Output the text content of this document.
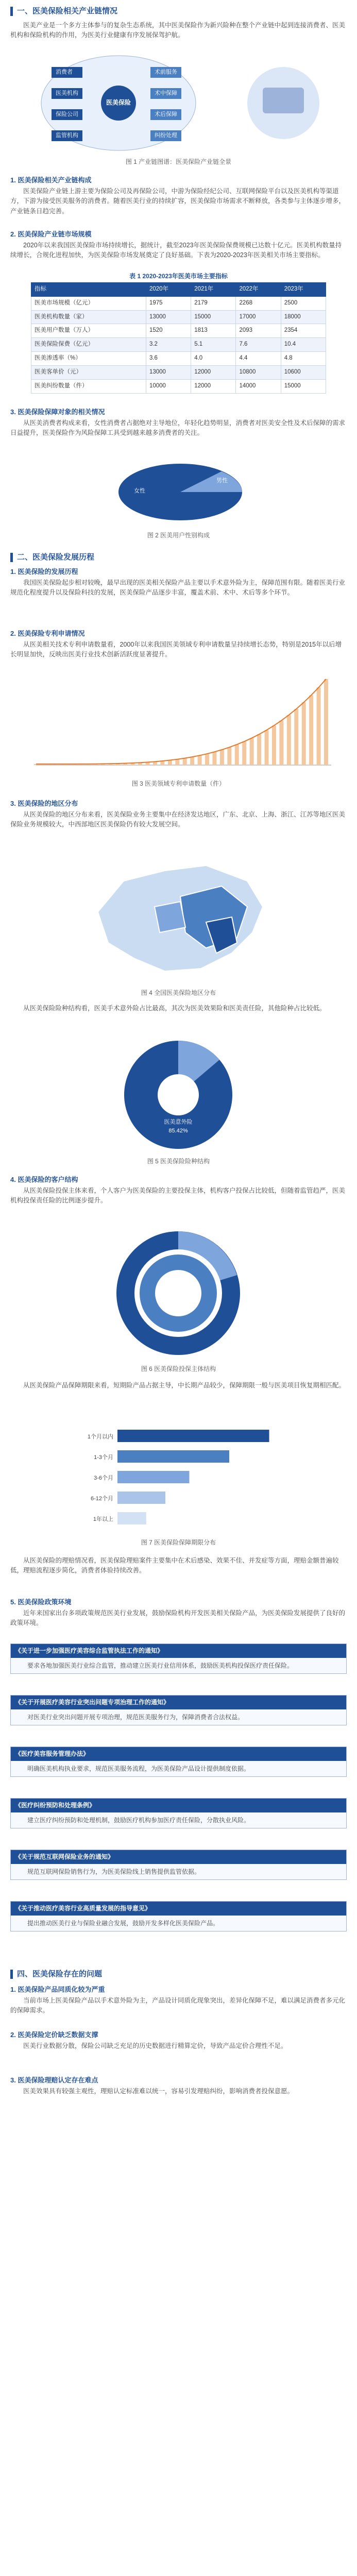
一、医美保险相关产业链情况
医美产业是一个多方主体参与的复杂生态系统，其中医美保险作为新兴险种在整个产业链中起到连接消费者、医美机构和保险机构的作用，为医美行业健康有序发展保驾护航。
医美保险
消费者
医美机构
保险公司
监管机构
术前服务
术中保障
术后保障
纠纷处理
图 1 产业链图谱：医美保险产业链全景
1. 医美保险相关产业链构成
医美保险产业链上游主要为保险公司及再保险公司，中游为保险经纪公司、互联网保险平台以及医美机构等渠道方，下游为接受医美服务的消费者。随着医美行业的持续扩容，医美保险市场需求不断释放，各类参与主体逐步增多，产业链条日趋完善。
2. 医美保险产业链市场规模
2020年以来我国医美保险市场持续增长，据统计，截至2023年医美保险保费规模已达数十亿元。医美机构数量持续增长，合规化进程加快，为医美保险市场发展奠定了良好基础。下表为2020-2023年医美相关市场主要指标。
表 1 2020-2023年医美市场主要指标
指标	2020年	2021年	2022年	2023年
医美市场规模（亿元）	1975	2179	2268	2500
医美机构数量（家）	13000	15000	17000	18000
医美用户数量（万人）	1520	1813	2093	2354
医美保险保费（亿元）	3.2	5.1	7.6	10.4
医美渗透率（%）	3.6	4.0	4.4	4.8
医美客单价（元）	13000	12000	10800	10600
医美纠纷数量（件）	10000	12000	14000	15000
3. 医美保险保障对象的相关情况
从医美消费者构成来看，女性消费者占据绝对主导地位，年轻化趋势明显，消费者对医美安全性及术后保障的需求日益提升，医美保险作为风险保障工具受到越来越多消费者的关注。
女性
男性
图 2 医美用户性别构成
二、医美保险发展历程
1. 医美保险的发展历程
我国医美保险起步相对较晚，最早出现的医美相关保险产品主要以手术意外险为主，保障范围有限。随着医美行业规范化程度提升以及保险科技的发展，医美保险产品逐步丰富，覆盖术前、术中、术后等多个环节。
2. 医美保险专利申请情况
从医美相关技术专利申请数量看，2000年以来我国医美领域专利申请数量呈持续增长态势，特别是2015年以后增长明显加快，反映出医美行业技术创新活跃度显著提升。
图 3 医美领域专利申请数量（件）
3. 医美保险的地区分布
从医美保险的地区分布来看，医美保险业务主要集中在经济发达地区，广东、北京、上海、浙江、江苏等地区医美保险业务规模较大，中西部地区医美保险仍有较大发展空间。
图 4 全国医美保险地区分布
从医美保险险种结构看，医美手术意外险占比最高，其次为医美效果险和医美责任险，其他险种占比较低。
医美意外险
85.42%
图 5 医美保险险种结构
4. 医美保险的客户结构
从医美保险投保主体来看，个人客户为医美保险的主要投保主体，机构客户投保占比较低，但随着监管趋严，医美机构投保责任险的比例逐步提升。
图 6 医美保险投保主体结构
从医美保险产品保障期限来看，短期险产品占据主导，中长期产品较少，保障期限一般与医美项目恢复期相匹配。
1个月以内
1-3个月
3-6个月
6-12个月
1年以上
图 7 医美保险保障期限分布
从医美保险的理赔情况看，医美保险理赔案件主要集中在术后感染、效果不佳、并发症等方面，理赔金额普遍较低，理赔流程逐步简化，消费者体验持续改善。
5. 医美保险政策环境
近年来国家出台多项政策规范医美行业发展，鼓励保险机构开发医美相关保险产品，为医美保险发展提供了良好的政策环境。
《关于进一步加强医疗美容综合监管执法工作的通知》
要求各地加强医美行业综合监管，推动建立医美行业信用体系，鼓励医美机构投保医疗责任保险。
《关于开展医疗美容行业突出问题专项治理工作的通知》
对医美行业突出问题开展专项治理，规范医美服务行为，保障消费者合法权益。
《医疗美容服务管理办法》
明确医美机构执业要求，规范医美服务流程，为医美保险产品设计提供制度依据。
《医疗纠纷预防和处理条例》
建立医疗纠纷预防和处理机制，鼓励医疗机构参加医疗责任保险，分散执业风险。
《关于规范互联网保险业务的通知》
规范互联网保险销售行为，为医美保险线上销售提供监管依据。
《关于推动医疗美容行业高质量发展的指导意见》
提出推动医美行业与保险业融合发展，鼓励开发多样化医美保险产品。
四、医美保险存在的问题
1. 医美保险产品同质化较为严重
当前市场上医美保险产品以手术意外险为主，产品设计同质化现象突出，差异化保障不足，难以满足消费者多元化的保障需求。
2. 医美保险定价缺乏数据支撑
医美行业数据分散，保险公司缺乏充足的历史数据进行精算定价，导致产品定价合理性不足。
3. 医美保险理赔认定存在难点
医美效果具有较强主观性，理赔认定标准难以统一，容易引发理赔纠纷，影响消费者投保意愿。
